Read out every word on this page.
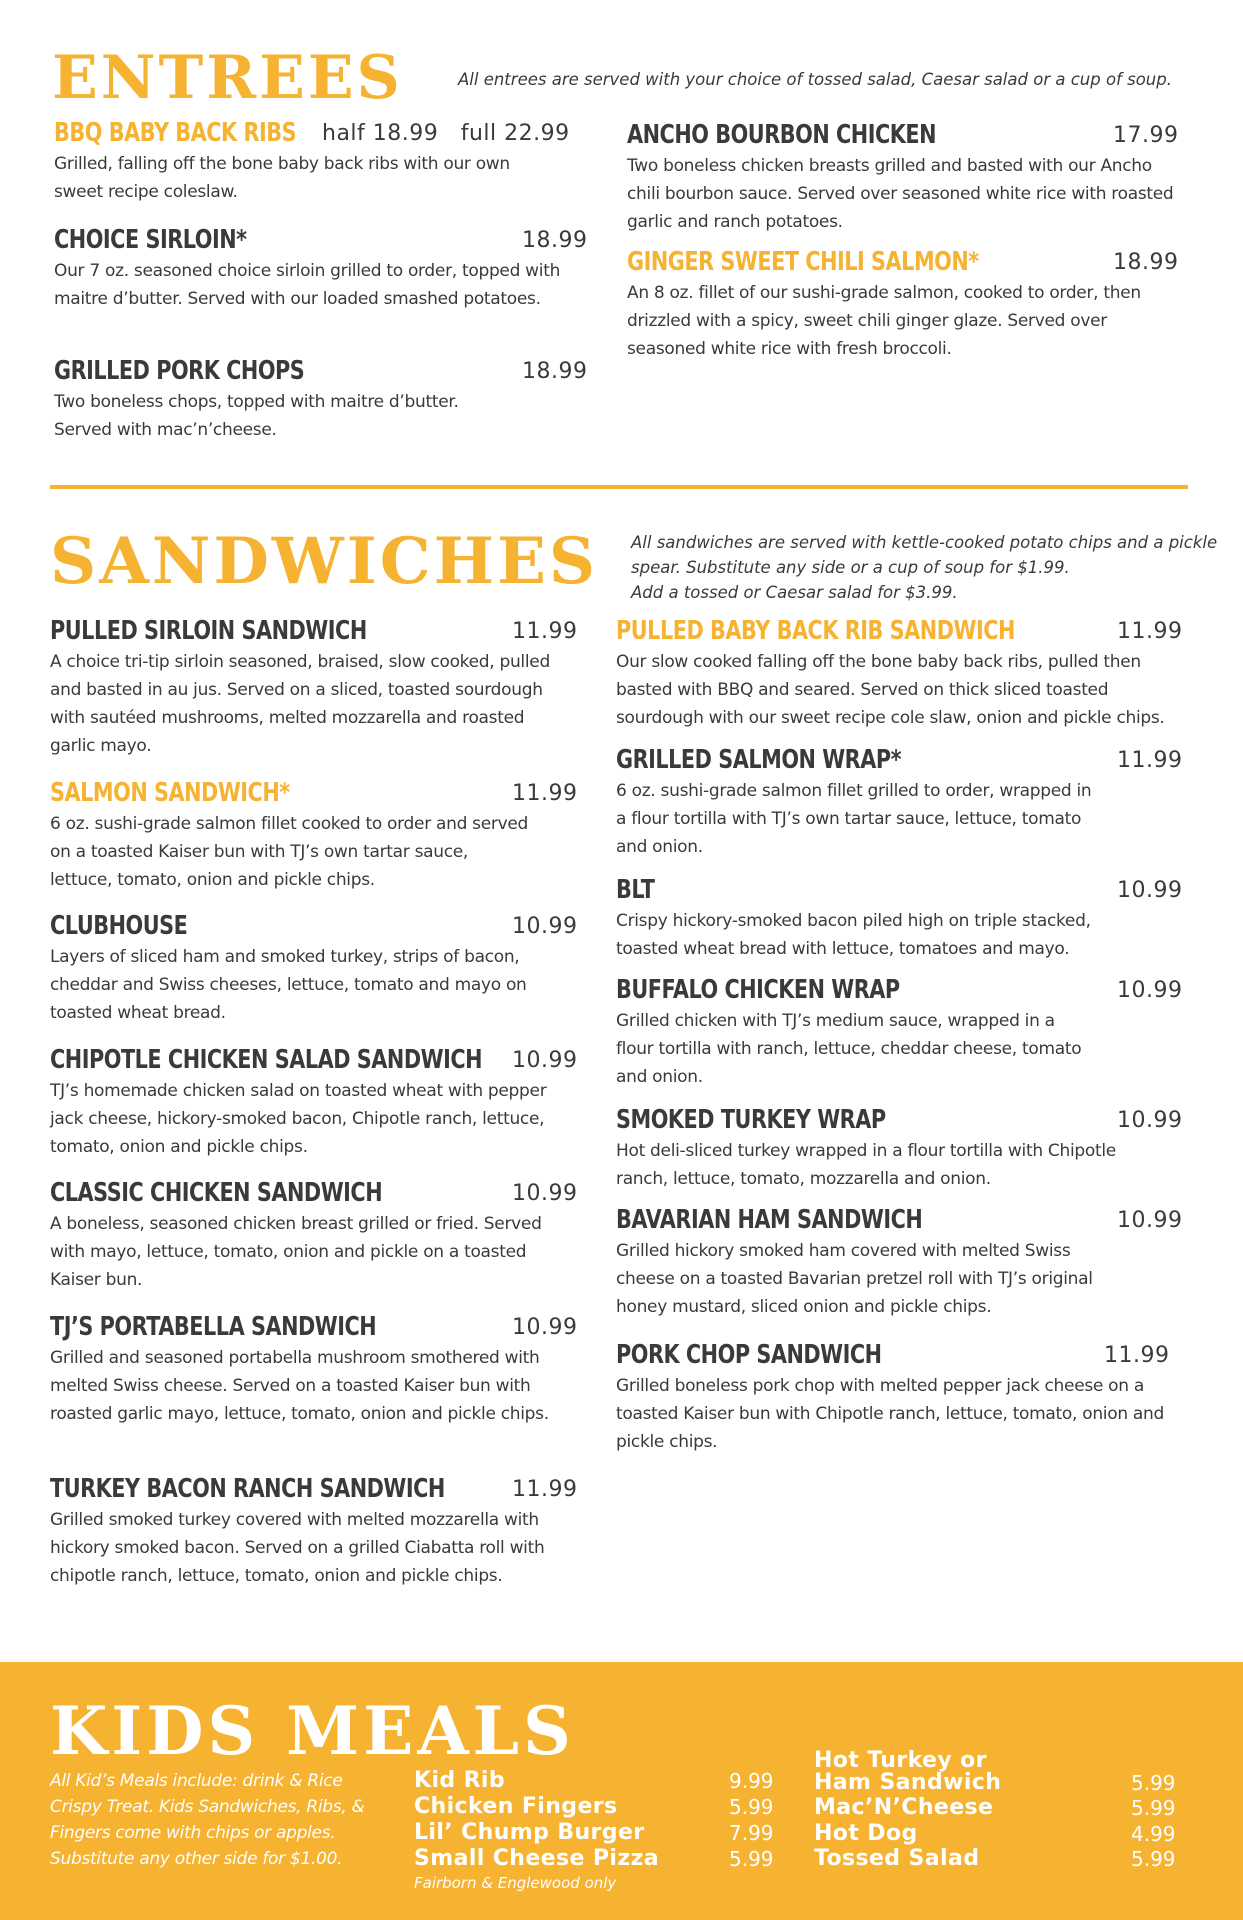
ENTREES	All entrees are served with your choice of tossed salad, Caesar salad or a cup of soup.
BBQ BABY BACK RIBS half 18.99   full 22.99
Grilled, falling off the bone baby back ribs with our own sweet recipe coleslaw.
CHOICE SIRLOIN*	18.99
Our 7 oz. seasoned choice sirloin grilled to order, topped with maitre d’butter. Served with our loaded smashed potatoes.
GRILLED PORK CHOPS	18.99
Two boneless chops, topped with maitre d’butter. Served with mac’n’cheese.
ANCHO BOURBON CHICKEN	17.99
Two boneless chicken breasts grilled and basted with our Ancho chili bourbon sauce. Served over seasoned white rice with roasted garlic and ranch potatoes.
GINGER SWEET CHILI SALMON*	18.99
An 8 oz. fillet of our sushi-grade salmon, cooked to order, then drizzled with a spicy, sweet chili ginger glaze. Served over seasoned white rice with fresh broccoli.
SANDWICHES All sandwiches are served with kettle-cooked potato chips and a pickle
spear. Substitute any side or a cup of soup for $1.99.
Add a tossed or Caesar salad for $3.99.
PULLED SIRLOIN SANDWICH	11.99
A choice tri-tip sirloin seasoned, braised, slow cooked, pulled and basted in au jus. Served on a sliced, toasted sourdough with sautéed mushrooms, melted mozzarella and roasted garlic mayo.
SALMON SANDWICH*	11.99
6 oz. sushi-grade salmon fillet cooked to order and served on a toasted Kaiser bun with TJ’s own tartar sauce, lettuce, tomato, onion and pickle chips.
CLUBHOUSE	10.99
Layers of sliced ham and smoked turkey, strips of bacon, cheddar and Swiss cheeses, lettuce, tomato and mayo on toasted wheat bread.
CHIPOTLE CHICKEN SALAD SANDWICH 10.99
TJ’s homemade chicken salad on toasted wheat with pepper jack cheese, hickory-smoked bacon, Chipotle ranch, lettuce, tomato, onion and pickle chips.
CLASSIC CHICKEN SANDWICH	10.99
A boneless, seasoned chicken breast grilled or fried. Served with mayo, lettuce, tomato, onion and pickle on a toasted Kaiser bun.
TJ’S PORTABELLA SANDWICH	10.99
Grilled and seasoned portabella mushroom smothered with melted Swiss cheese. Served on a toasted Kaiser bun with roasted garlic mayo, lettuce, tomato, onion and pickle chips.
TURKEY BACON RANCH SANDWICH	11.99
Grilled smoked turkey covered with melted mozzarella with hickory smoked bacon. Served on a grilled Ciabatta roll with chipotle ranch, lettuce, tomato, onion and pickle chips.
PULLED BABY BACK RIB SANDWICH	11.99
Our slow cooked falling off the bone baby back ribs, pulled then basted with BBQ and seared. Served on thick sliced toasted sourdough with our sweet recipe cole slaw, onion and pickle chips.
GRILLED SALMON WRAP*	11.99
6 oz. sushi-grade salmon fillet grilled to order, wrapped in a flour tortilla with TJ’s own tartar sauce, lettuce, tomato and onion.
BLT	10.99
Crispy hickory-smoked bacon piled high on triple stacked, toasted wheat bread with lettuce, tomatoes and mayo.
BUFFALO CHICKEN WRAP	10.99
Grilled chicken with TJ’s medium sauce, wrapped in a flour tortilla with ranch, lettuce, cheddar cheese, tomato and onion.
SMOKED TURKEY WRAP	10.99
Hot deli-sliced turkey wrapped in a flour tortilla with Chipotle ranch, lettuce, tomato, mozzarella and onion.
BAVARIAN HAM SANDWICH	10.99
Grilled hickory smoked ham covered with melted Swiss cheese on a toasted Bavarian pretzel roll with TJ’s original honey mustard, sliced onion and pickle chips.
PORK CHOP SANDWICH	11.99
Grilled boneless pork chop with melted pepper jack cheese on a toasted Kaiser bun with Chipotle ranch, lettuce, tomato, onion and pickle chips.
KIDS MEALS
All Kid’s Meals include: drink & Rice Crispy Treat. Kids Sandwiches, Ribs, & Fingers come with chips or apples. Substitute any other side for $1.00.
Kid Rib	9.99
Chicken Fingers	5.99
Lil’ Chump Burger	7.99
Small Cheese Pizza	5.99
Fairborn & Englewood only
Hot Turkey or
Ham Sandwich	5.99
Mac’N’Cheese	5.99
Hot Dog	4.99
Tossed Salad	5.99
